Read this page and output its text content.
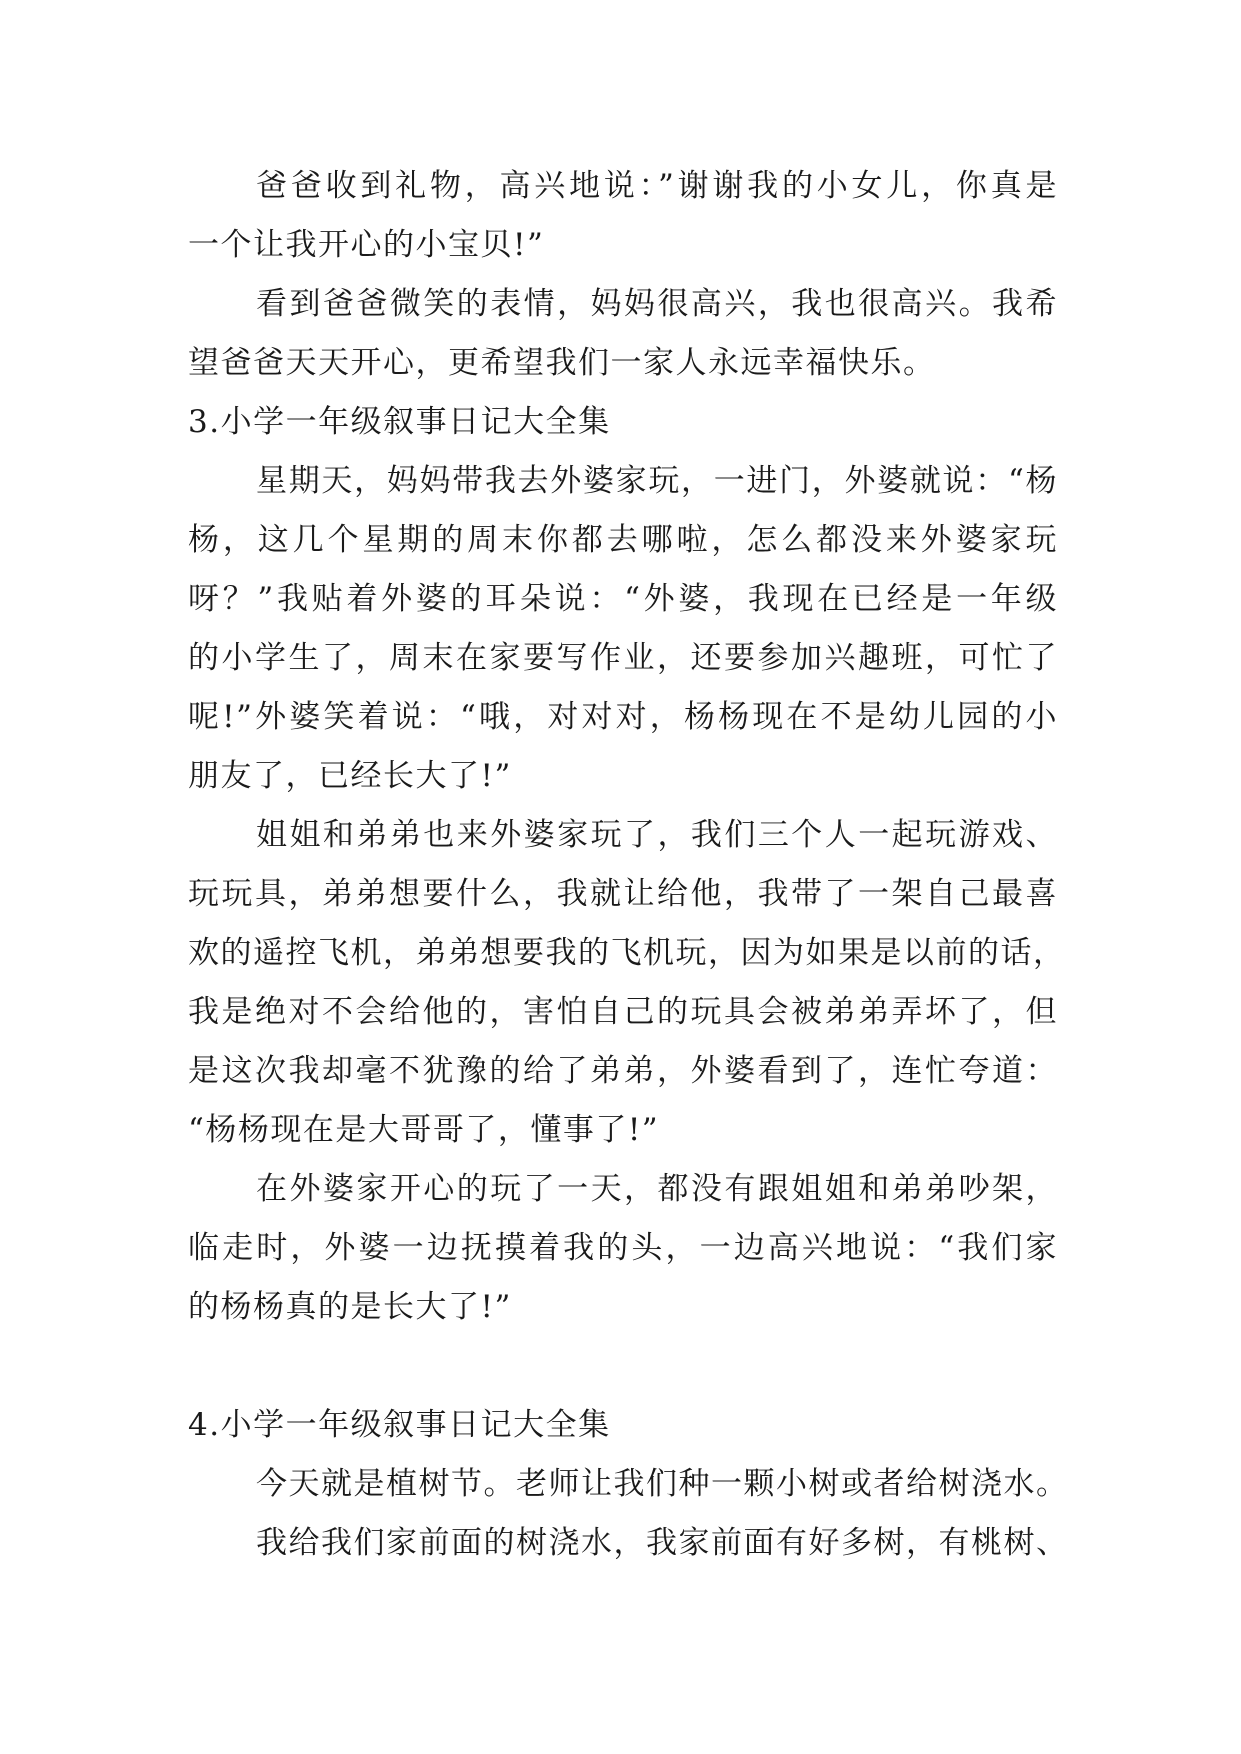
爸爸收到礼物，高兴地说：”谢谢我的小女儿，你真是
一个让我开心的小宝贝!”
看到爸爸微笑的表情，妈妈很高兴，我也很高兴。我希
望爸爸天天开心，更希望我们一家人永远幸福快乐。
3.小学一年级叙事日记大全集
星期天，妈妈带我去外婆家玩，一进门，外婆就说：“杨
杨，这几个星期的周末你都去哪啦，怎么都没来外婆家玩
呀？”我贴着外婆的耳朵说：“外婆，我现在已经是一年级
的小学生了，周末在家要写作业，还要参加兴趣班，可忙了
呢!”外婆笑着说：“哦，对对对，杨杨现在不是幼儿园的小
朋友了，已经长大了!”
姐姐和弟弟也来外婆家玩了，我们三个人一起玩游戏、
玩玩具，弟弟想要什么，我就让给他，我带了一架自己最喜
欢的遥控飞机，弟弟想要我的飞机玩，因为如果是以前的话，
我是绝对不会给他的，害怕自己的玩具会被弟弟弄坏了，但
是这次我却毫不犹豫的给了弟弟，外婆看到了，连忙夸道：
“杨杨现在是大哥哥了，懂事了!”
在外婆家开心的玩了一天，都没有跟姐姐和弟弟吵架，
临走时，外婆一边抚摸着我的头，一边高兴地说：“我们家
的杨杨真的是长大了!”
4.小学一年级叙事日记大全集
今天就是植树节。老师让我们种一颗小树或者给树浇水。
我给我们家前面的树浇水，我家前面有好多树，有桃树、
